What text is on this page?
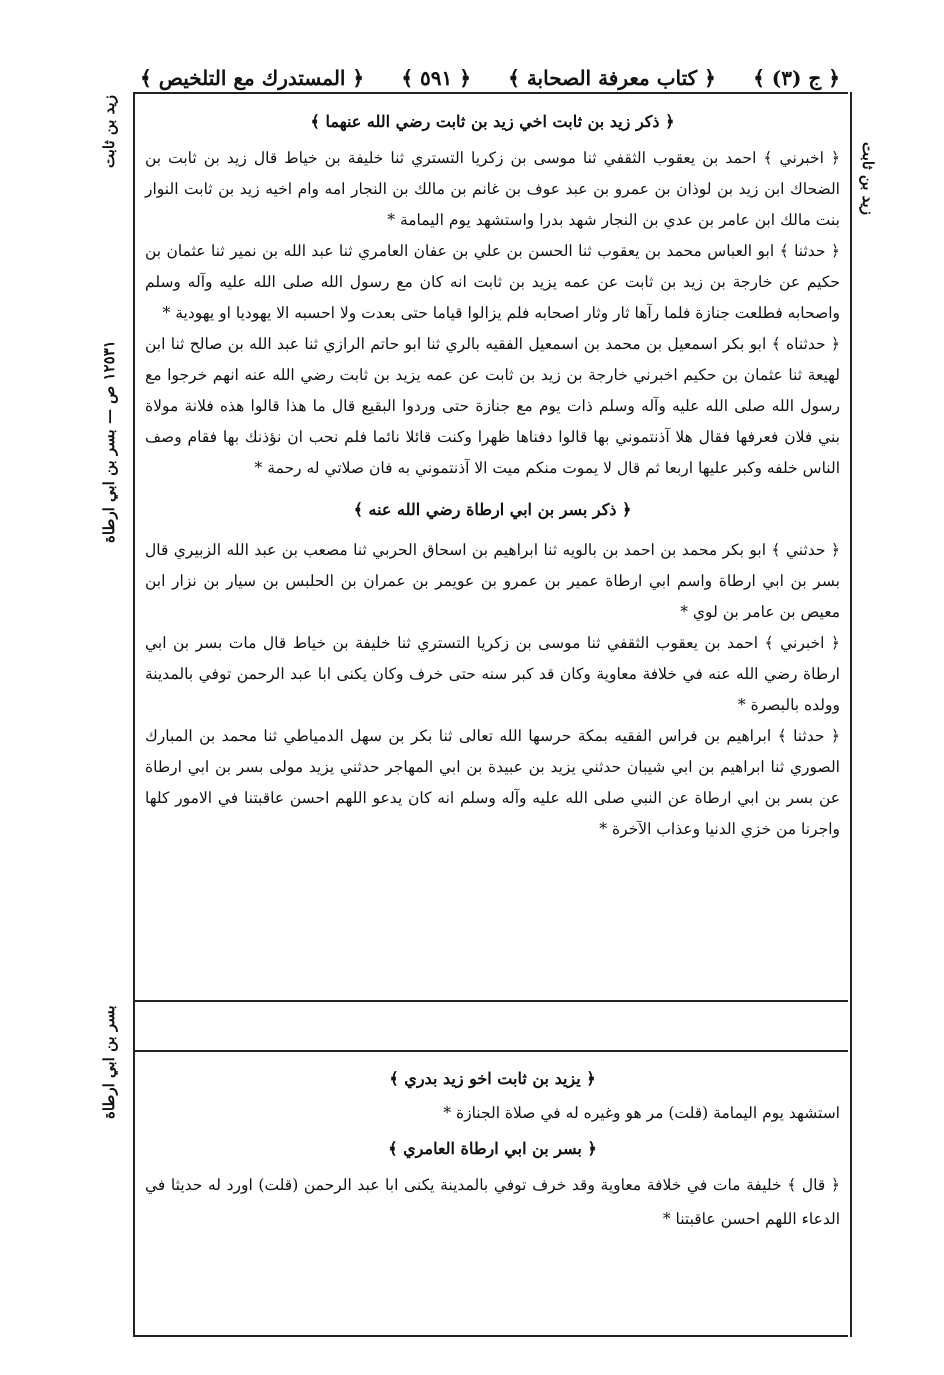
﴿ المستدرك مع التلخيص ﴾ ﴿ ٥٩١ ﴾ ﴿ كتاب معرفة الصحابة ﴾ ﴿ ج (٣) ﴾
زيد بن ثابت
زيد بن ثابت
١٢٥٣١ ص — بسر بن ابي ارطاة
بسر بن ابي ارطاة
﴿ ذكر زيد بن ثابت اخي زيد بن ثابت رضي الله عنهما ﴾

﴿ اخبرني ﴾ احمد بن يعقوب الثقفي ثنا موسى بن زكريا التستري ثنا خليفة بن خياط قال زيد بن ثابت بن الضحاك ابن زيد بن لوذان بن عمرو بن عبد عوف بن غانم بن مالك بن النجار امه وام اخيه زيد بن ثابت النوار بنت مالك ابن عامر بن عدي بن النجار شهد بدرا واستشهد يوم اليمامة *

﴿ حدثنا ﴾ ابو العباس محمد بن يعقوب ثنا الحسن بن علي بن عفان العامري ثنا عبد الله بن نمير ثنا عثمان بن حكيم عن خارجة بن زيد بن ثابت عن عمه يزيد بن ثابت انه كان مع رسول الله صلى الله عليه وآله وسلم واصحابه فطلعت جنازة فلما رآها ثار وثار اصحابه فلم يزالوا قياما حتى بعدت ولا احسبه الا يهوديا او يهودية *

﴿ حدثناه ﴾ ابو بكر اسمعيل بن محمد بن اسمعيل الفقيه بالري ثنا ابو حاتم الرازي ثنا عبد الله بن صالح ثنا ابن لهيعة ثنا عثمان بن حكيم اخبرني خارجة بن زيد بن ثابت عن عمه يزيد بن ثابت رضي الله عنه انهم خرجوا مع رسول الله صلى الله عليه وآله وسلم ذات يوم مع جنازة حتى وردوا البقيع قال ما هذا قالوا هذه فلانة مولاة بني فلان فعرفها فقال هلا آذنتموني بها قالوا دفناها ظهرا وكنت قائلا نائما فلم نحب ان نؤذنك بها فقام وصف الناس خلفه وكبر عليها اربعا ثم قال لا يموت منكم ميت الا آذنتموني به فان صلاتي له رحمة *

﴿ ذكر بسر بن ابي ارطاة رضي الله عنه ﴾

﴿ حدثني ﴾ ابو بكر محمد بن احمد بن بالويه ثنا ابراهيم بن اسحاق الحربي ثنا مصعب بن عبد الله الزبيري قال بسر بن ابي ارطاة واسم ابي ارطاة عمير بن عمرو بن عويمر بن عمران بن الحلبس بن سيار بن نزار ابن معيص بن عامر بن لوي *

﴿ اخبرني ﴾ احمد بن يعقوب الثقفي ثنا موسى بن زكريا التستري ثنا خليفة بن خياط قال مات بسر بن ابي ارطاة رضي الله عنه في خلافة معاوية وكان قد كبر سنه حتى خرف وكان يكنى ابا عبد الرحمن توفي بالمدينة وولده بالبصرة *

﴿ حدثنا ﴾ ابراهيم بن فراس الفقيه بمكة حرسها الله تعالى ثنا بكر بن سهل الدمياطي ثنا محمد بن المبارك الصوري ثنا ابراهيم بن ابي شيبان حدثني يزيد بن عبيدة بن ابي المهاجر حدثني يزيد مولى بسر بن ابي ارطاة عن بسر بن ابي ارطاة عن النبي صلى الله عليه وآله وسلم انه كان يدعو اللهم احسن عاقبتنا في الامور كلها واجرنا من خزي الدنيا وعذاب الآخرة *

﴿ يزيد بن ثابت اخو زيد بدري ﴾

استشهد يوم اليمامة (قلت) مر هو وغيره له في صلاة الجنازة *

﴿ بسر بن ابي ارطاة العامري ﴾

﴿ قال ﴾ خليفة مات في خلافة معاوية وقد خرف توفي بالمدينة يكنى ابا عبد الرحمن (قلت) اورد له حديثا في الدعاء اللهم احسن عاقبتنا *
